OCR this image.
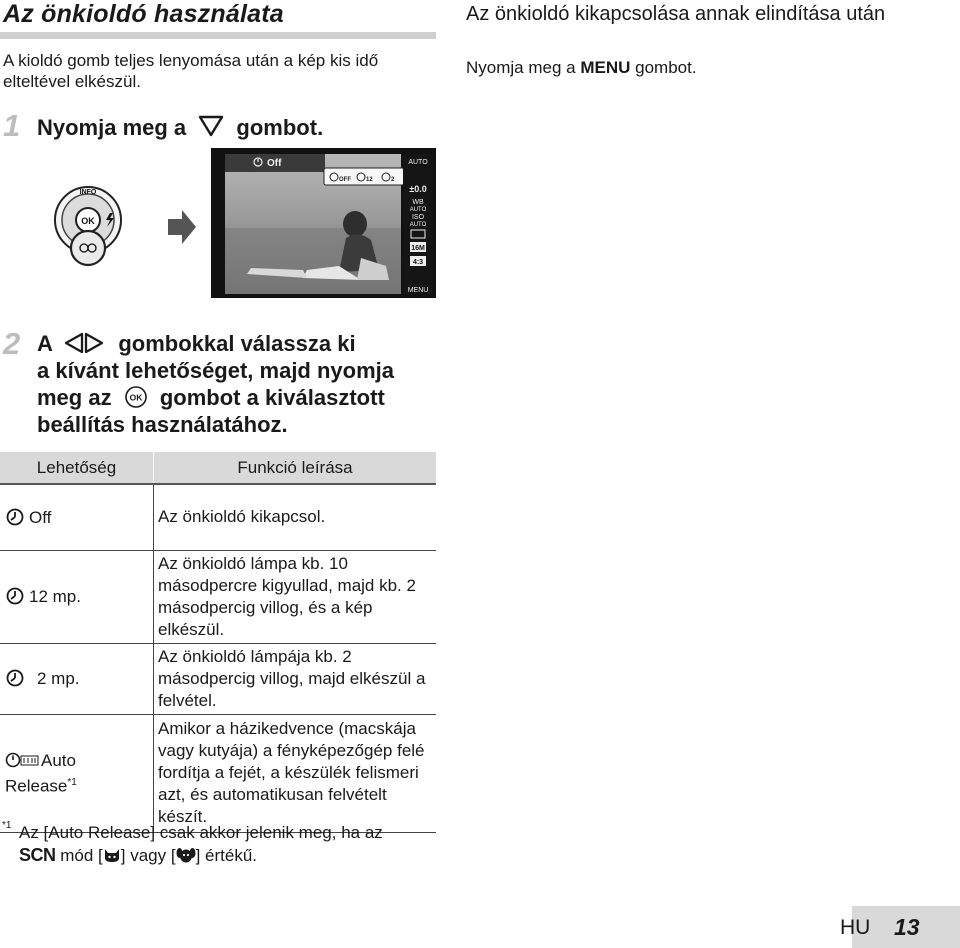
Az önkioldó használata
A kioldó gomb teljes lenyomása után a kép kis idő elteltével elkészül.
1 Nyomja meg a gombot.
OK
INFO
Off
OFF	12	2
AUTO
±0.0
WB
AUTO
ISO
AUTO
16M
4:3
MENU
2 A	gombokkal válassza ki
a kívánt lehetőséget, majd nyomja
meg az OK gombot a kiválasztott
beállítás használatához.
Lehetőség	Funkció leírása
Off	Az önkioldó kikapcsol.
12 mp.	Az önkioldó lámpa kb. 10 másodpercre kigyullad, majd kb. 2 másodpercig villog, és a kép elkészül.
2 mp.	Az önkioldó lámpája kb. 2 másodpercig villog, majd elkészül a felvétel.

Auto
Release$^{*1}$	Amikor a házikedvence (macskája vagy kutyája) a fényképezőgép felé fordítja a fejét, a készülék felismeri azt, és automatikusan felvételt készít.
*1 Az [Auto Release] csak akkor jelenik meg, ha az
SCN mód [ ] vagy [ ] értékű.
Az önkioldó kikapcsolása annak elindítása után
Nyomja meg a MENU gombot.
HU 13
